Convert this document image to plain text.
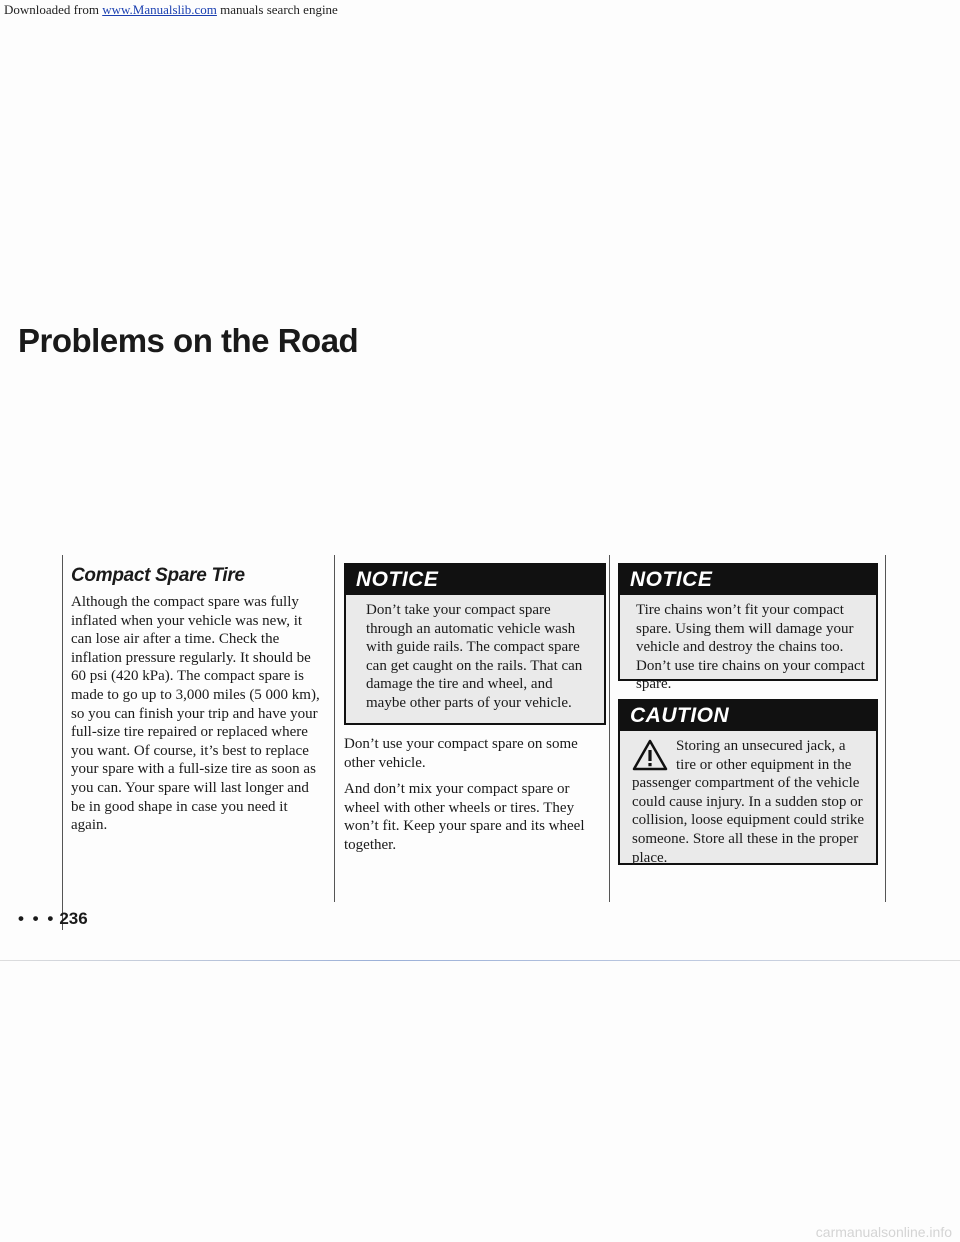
Downloaded from www.Manualslib.com manuals search engine
Problems on the Road
Compact Spare Tire

Although the compact spare was fully inflated when your vehicle was new, it can lose air after a time. Check the inflation pressure regularly. It should be 60 psi (420 kPa). The compact spare is made to go up to 3,000 miles (5 000 km), so you can finish your trip and have your full-size tire repaired or replaced where you want. Of course, it’s best to replace your spare with a full-size tire as soon as you can. Your spare will last longer and be in good shape in case you need it again.

NOTICE
Don’t take your compact spare through an automatic vehicle wash with guide rails. The compact spare can get caught on the rails. That can damage the tire and wheel, and maybe other parts of your vehicle.

Don’t use your compact spare on some other vehicle.

And don’t mix your compact spare or wheel with other wheels or tires. They won’t fit. Keep your spare and its wheel together.

NOTICE
Tire chains won’t fit your compact spare. Using them will damage your vehicle and destroy the chains too. Don’t use tire chains on your compact spare.
CAUTION
Storing an unsecured jack, a tire or other equipment in the passenger compartment of the vehicle could cause injury. In a sudden stop or collision, loose equipment could strike someone. Store all these in the proper place.
• • • 236
carmanualsonline.info
